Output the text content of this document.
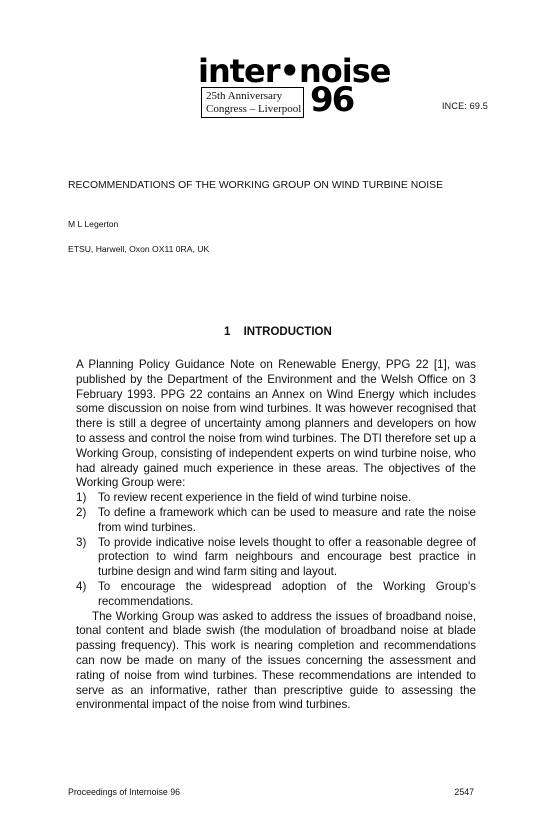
inter•noise
25th Anniversary
Congress – Liverpool 96	INCE: 69.5
RECOMMENDATIONS OF THE WORKING GROUP ON WIND TURBINE NOISE
M L Legerton
ETSU, Harwell, Oxon OX11 0RA, UK
1 INTRODUCTION

A Planning Policy Guidance Note on Renewable Energy, PPG 22 [1], was published by the Department of the Environment and the Welsh Office on 3 February 1993. PPG 22 contains an Annex on Wind Energy which includes some discussion on noise from wind turbines. It was however recognised that there is still a degree of uncertainty among planners and developers on how to assess and control the noise from wind turbines. The DTI therefore set up a Working Group, consisting of independent experts on wind turbine noise, who had already gained much experience in these areas. The objectives of the Working Group were:

1) To review recent experience in the field of wind turbine noise.
2) To define a framework which can be used to measure and rate the noise from wind turbines.
3) To provide indicative noise levels thought to offer a reasonable degree of protection to wind farm neighbours and encourage best practice in turbine design and wind farm siting and layout.
4) To encourage the widespread adoption of the Working Group's recommendations.

The Working Group was asked to address the issues of broadband noise, tonal content and blade swish (the modulation of broadband noise at blade passing frequency). This work is nearing completion and recommendations can now be made on many of the issues concerning the assessment and rating of noise from wind turbines. These recommendations are intended to serve as an informative, rather than prescriptive guide to assessing the environmental impact of the noise from wind turbines.

Proceedings of Internoise 96	2547
